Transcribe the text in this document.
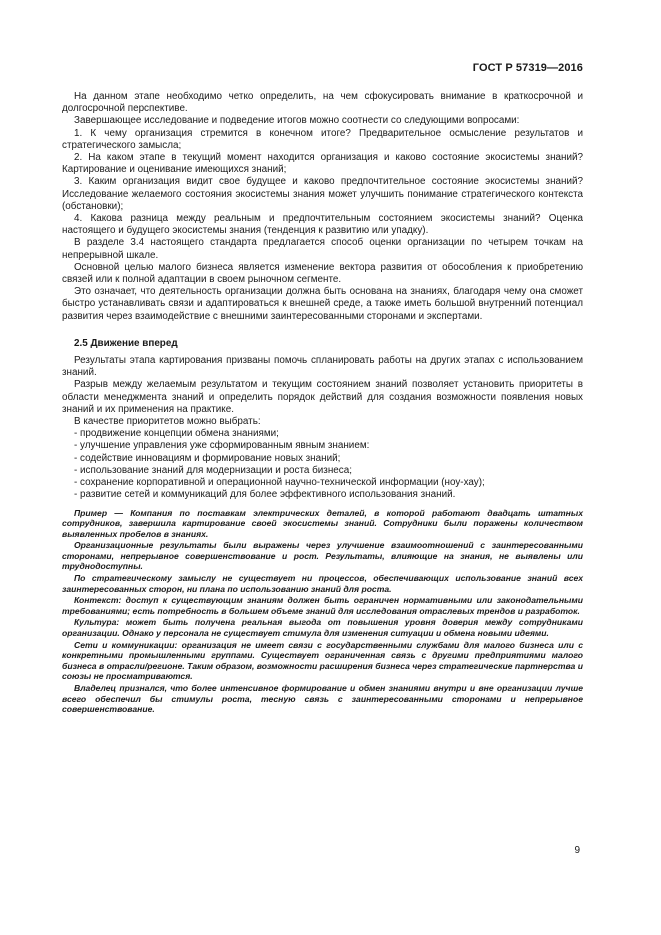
ГОСТ Р 57319—2016

На данном этапе необходимо четко определить, на чем сфокусировать внимание в краткосрочной и долгосрочной перспективе.

Завершающее исследование и подведение итогов можно соотнести со следующими вопросами:

1. К чему организация стремится в конечном итоге? Предварительное осмысление результатов и стратегического замысла;

2. На каком этапе в текущий момент находится организация и каково состояние экосистемы знаний? Картирование и оценивание имеющихся знаний;

3. Каким организация видит свое будущее и каково предпочтительное состояние экосистемы знаний? Исследование желаемого состояния экосистемы знания может улучшить понимание стратегического контекста (обстановки);

4. Какова разница между реальным и предпочтительным состоянием экосистемы знаний? Оценка настоящего и будущего экосистемы знания (тенденция к развитию или упадку).

В разделе 3.4 настоящего стандарта предлагается способ оценки организации по четырем точкам на непрерывной шкале.

Основной целью малого бизнеса является изменение вектора развития от обособления к приобретению связей или к полной адаптации в своем рыночном сегменте.

Это означает, что деятельность организации должна быть основана на знаниях, благодаря чему она сможет быстро устанавливать связи и адаптироваться к внешней среде, а также иметь большой внутренний потенциал развития через взаимодействие с внешними заинтересованными сторонами и экспертами.

2.5 Движение вперед

Результаты этапа картирования призваны помочь спланировать работы на других этапах с использованием знаний.

Разрыв между желаемым результатом и текущим состоянием знаний позволяет установить приоритеты в области менеджмента знаний и определить порядок действий для создания возможности появления новых знаний и их применения на практике.

В качестве приоритетов можно выбрать:

- продвижение концепции обмена знаниями;

- улучшение управления уже сформированным явным знанием:

- содействие инновациям и формирование новых знаний;

- использование знаний для модернизации и роста бизнеса;

- сохранение корпоративной и операционной научно-технической информации (ноу-хау);

- развитие сетей и коммуникаций для более эффективного использования знаний.

Пример — Компания по поставкам электрических деталей, в которой работают двадцать штатных сотрудников, завершила картирование своей экосистемы знаний. Сотрудники были поражены количеством выявленных пробелов в знаниях.

Организационные результаты были выражены через улучшение взаимоотношений с заинтересованными сторонами, непрерывное совершенствование и рост. Результаты, влияющие на знания, не выявлены или труднодоступны.

По стратегическому замыслу не существует ни процессов, обеспечивающих использование знаний всех заинтересованных сторон, ни плана по использованию знаний для роста.

Контекст: доступ к существующим знаниям должен быть ограничен нормативными или законодательными требованиями; есть потребность в большем объеме знаний для исследования отраслевых трендов и разработок.

Культура: может быть получена реальная выгода от повышения уровня доверия между сотрудниками организации. Однако у персонала не существует стимула для изменения ситуации и обмена новыми идеями.

Сети и коммуникации: организация не имеет связи с государственными службами для малого бизнеса или с конкретными промышленными группами. Существует ограниченная связь с другими предприятиями малого бизнеса в отрасли/регионе. Таким образом, возможности расширения бизнеса через стратегические партнерства и союзы не просматриваются.

Владелец признался, что более интенсивное формирование и обмен знаниями внутри и вне организации лучше всего обеспечил бы стимулы роста, тесную связь с заинтересованными сторонами и непрерывное совершенствование.

9
